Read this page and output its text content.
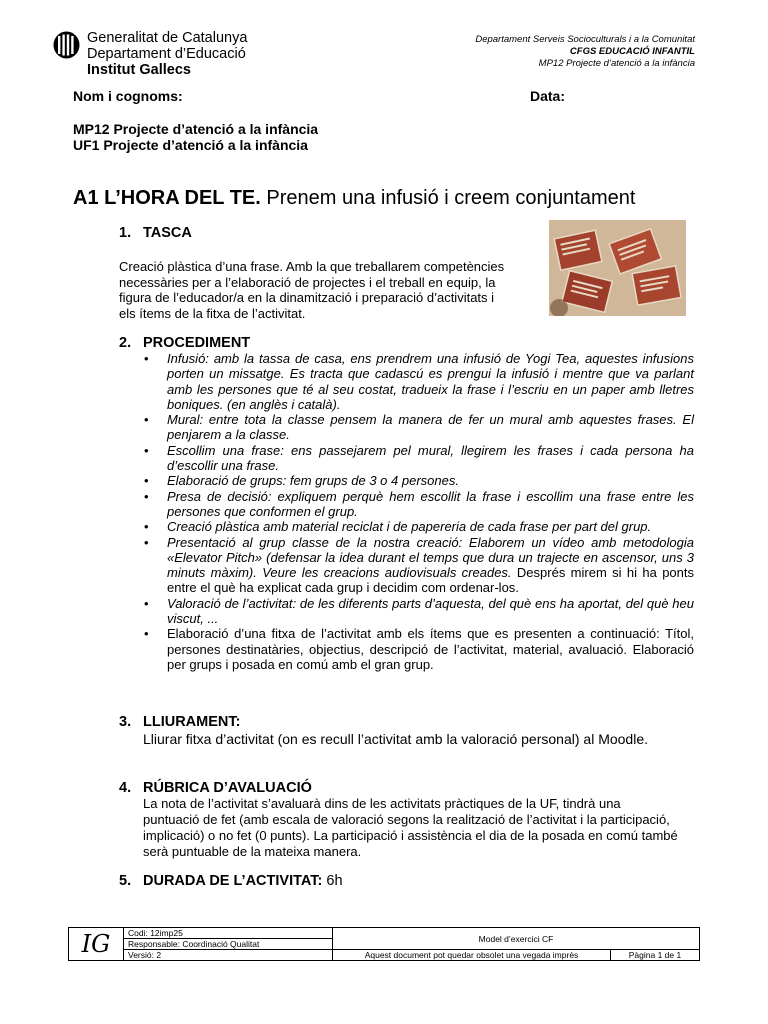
Generalitat de Catalunya
Departament d’Educació
Institut Gallecs
Departament Serveis Socioculturals i a la Comunitat
CFGS EDUCACIÓ INFANTIL
MP12 Projecte d’atenció a la infància
Nom i cognoms:	Data:
MP12 Projecte d’atenció a la infància
UF1 Projecte d’atenció a la infància
A1 L’HORA DEL TE. Prenem una infusió i creem conjuntament
1. TASCA
Creació plàstica d’una frase. Amb la que treballarem competències necessàries per a l’elaboració de projectes i el treball en equip, la figura de l’educador/a en la dinamització i preparació d’activitats i els ítems de la fitxa de l’activitat.
2. PROCEDIMENT
• Infusió: amb la tassa de casa, ens prendrem una infusió de Yogi Tea, aquestes infusions porten un missatge. Es tracta que cadascú es prengui la infusió i mentre que va parlant amb les persones que té al seu costat, tradueix la frase i l’escriu en un paper amb lletres boniques. (en anglès i català).
• Mural: entre tota la classe pensem la manera de fer un mural amb aquestes frases. El penjarem a la classe.
• Escollim una frase: ens passejarem pel mural, llegirem les frases i cada persona ha d’escollir una frase.
• Elaboració de grups: fem grups de 3 o 4 persones.
• Presa de decisió: expliquem perquè hem escollit la frase i escollim una frase entre les persones que conformen el grup.
• Creació plàstica amb material reciclat i de papereria de cada frase per part del grup.
• Presentació al grup classe de la nostra creació: Elaborem un vídeo amb metodologia «Elevator Pitch» (defensar la idea durant el temps que dura un trajecte en ascensor, uns 3 minuts màxim). Veure les creacions audiovisuals creades. Després mirem si hi ha ponts entre el què ha explicat cada grup i decidim com ordenar-los.
• Valoració de l’activitat: de les diferents parts d’aquesta, del què ens ha aportat, del què heu viscut, ...
• Elaboració d’una fitxa de l’activitat amb els ítems que es presenten a continuació: Títol, persones destinatàries, objectius, descripció de l’activitat, material, avaluació. Elaboració per grups i posada en comú amb el gran grup.
3. LLIURAMENT:
Lliurar fitxa d’activitat (on es recull l’activitat amb la valoració personal) al Moodle.
4. RÚBRICA D’AVALUACIÓ
La nota de l’activitat s’avaluarà dins de les activitats pràctiques de la UF, tindrà una puntuació de fet (amb escala de valoració segons la realització de l’activitat i la participació, implicació) o no fet (0 punts). La participació i assistència el dia de la posada en comú també serà puntuable de la mateixa manera.
5. DURADA DE L’ACTIVITAT: 6h
IG	Codi: 12imp25	Model d’exercici CF	
	Responsable: Coordinació Qualitat		
	Versió: 2	Aquest document pot quedar obsolet una vegada imprès	Pàgina 1 de 1
